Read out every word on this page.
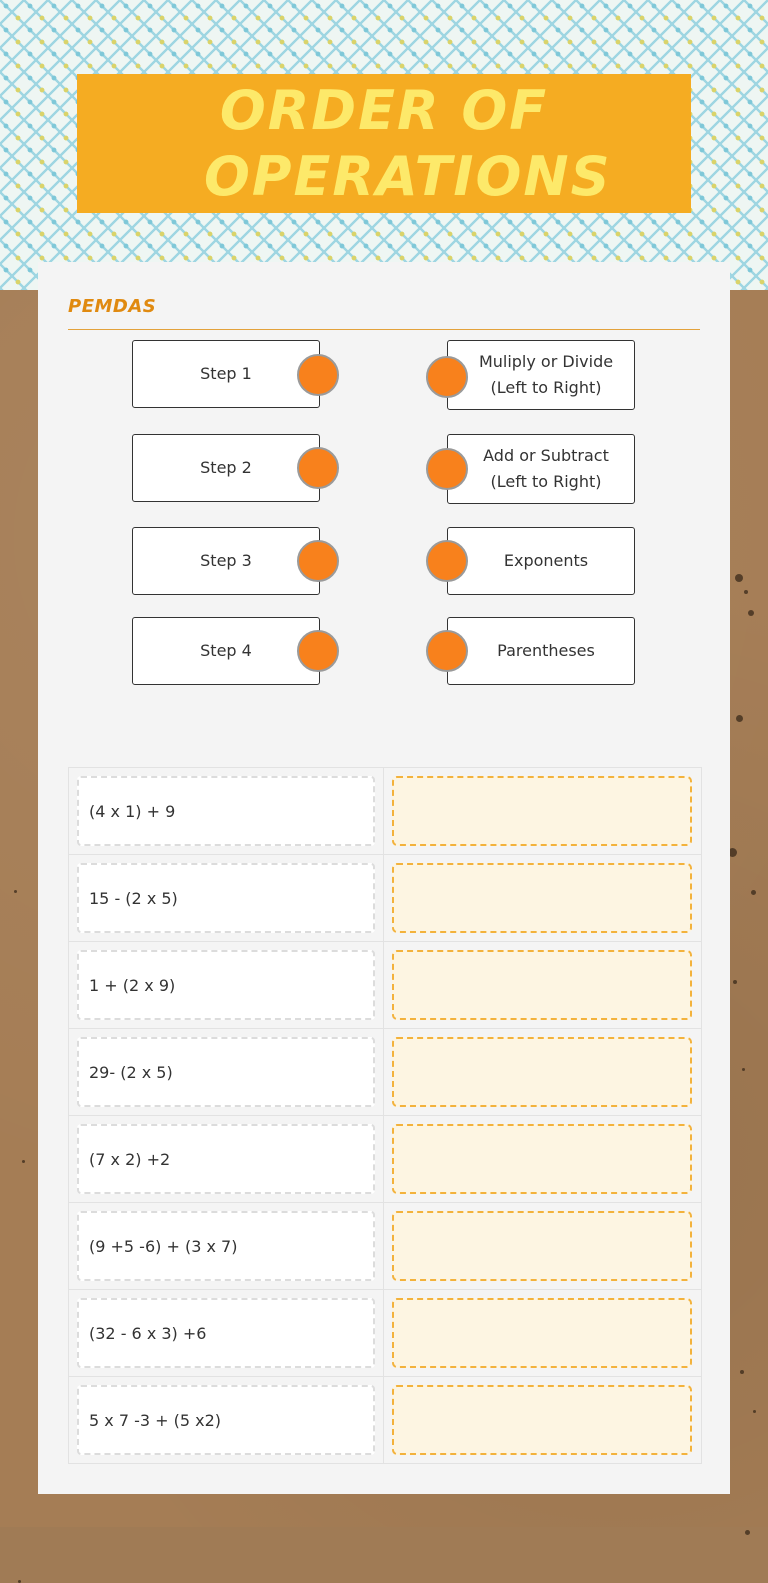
ORDER OF OPERATIONS
PEMDAS
Step 1
Step 2
Step 3
Step 4
Muliply or Divide
(Left to Right)
Add or Subtract
(Left to Right)
Exponents
Parentheses
(4 x 1) + 9
15 - (2 x 5)
1 + (2 x 9)
29- (2 x 5)
(7 x 2) +2
(9 +5 -6) + (3 x 7)
(32 - 6 x 3) +6
5 x 7 -3 + (5 x2)
